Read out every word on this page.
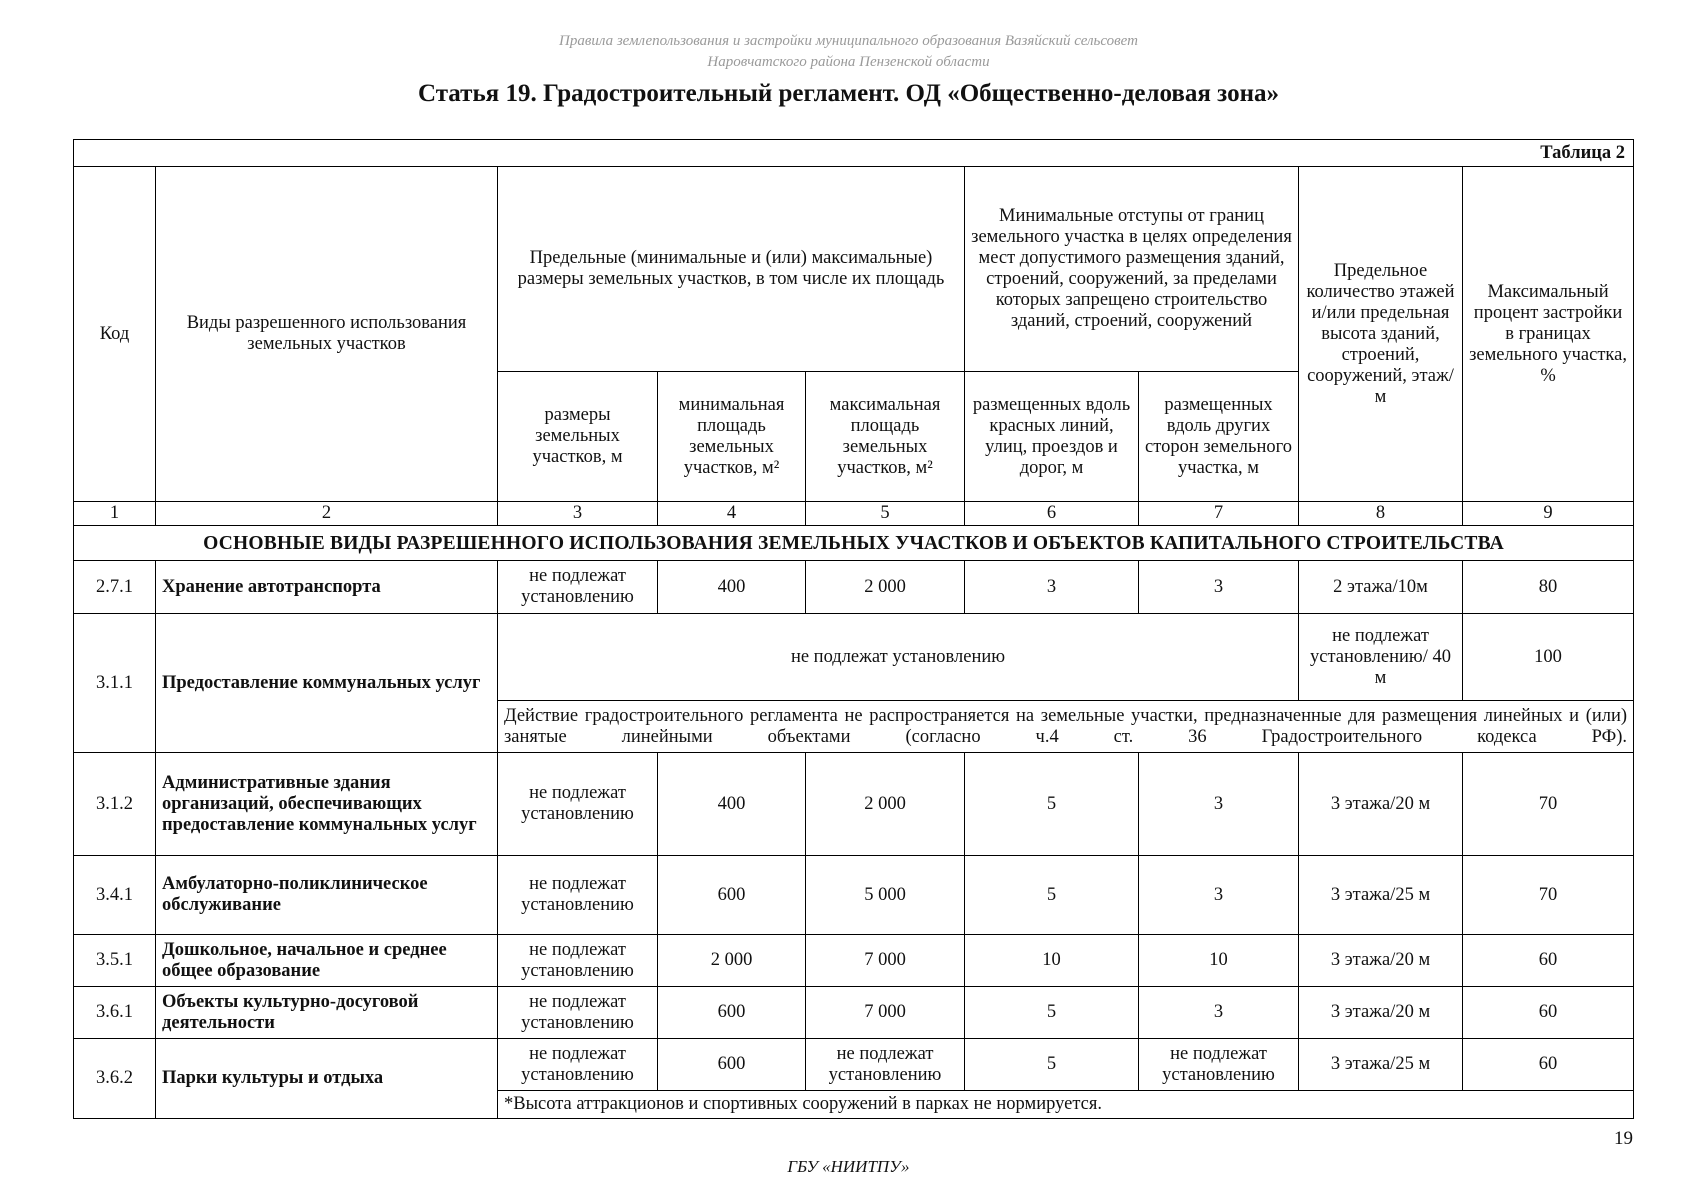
Правила землепользования и застройки муниципального образования Вазяйский сельсовет
Наровчатского района Пензенской области
Статья 19. Градостроительный регламент. ОД «Общественно-деловая зона»
Таблица 2								
Код	Виды разрешенного использования земельных участков	Предельные (минимальные и (или) максимальные) размеры земельных участков, в том числе их площадь			Минимальные отступы от границ земельного участка в целях определения мест допустимого размещения зданий, строений, сооружений, за пределами которых запрещено строительство зданий, строений, сооружений		Предельное количество этажей и/или предельная высота зданий, строений, сооружений, этаж/м	Максимальный процент застройки в границах земельного участка, %
		размеры земельных участков, м	минимальная площадь земельных участков, м²	максимальная площадь земельных участков, м²	размещенных вдоль красных линий, улиц, проездов и дорог, м	размещенных вдоль других сторон земельного участка, м		
1	2	3	4	5	6	7	8	9
ОСНОВНЫЕ ВИДЫ РАЗРЕШЕННОГО ИСПОЛЬЗОВАНИЯ ЗЕМЕЛЬНЫХ УЧАСТКОВ И ОБЪЕКТОВ КАПИТАЛЬНОГО СТРОИТЕЛЬСТВА								
2.7.1	Хранение автотранспорта	не подлежат установлению	400	2 000	3	3	2 этажа/10м	80
3.1.1	Предоставление коммунальных услуг	не подлежат установлению					не подлежат установлению/ 40 м	100
		Действие градостроительного регламента не распространяется на земельные участки, предназначенные для размещения линейных и (или) занятые линейными объектами (согласно ч.4 ст. 36 Градостроительного кодекса РФ).						
3.1.2	Административные здания организаций, обеспечивающих предоставление коммунальных услуг	не подлежат установлению	400	2 000	5	3	3 этажа/20 м	70
3.4.1	Амбулаторно-поликлиническое обслуживание	не подлежат установлению	600	5 000	5	3	3 этажа/25 м	70
3.5.1	Дошкольное, начальное и среднее общее образование	не подлежат установлению	2 000	7 000	10	10	3 этажа/20 м	60
3.6.1	Объекты культурно-досуговой деятельности	не подлежат установлению	600	7 000	5	3	3 этажа/20 м	60
3.6.2	Парки культуры и отдыха	не подлежат установлению	600	не подлежат установлению	5	не подлежат установлению	3 этажа/25 м	60
		*Высота аттракционов и спортивных сооружений в парках не нормируется.						
19
ГБУ «НИИТПУ»
